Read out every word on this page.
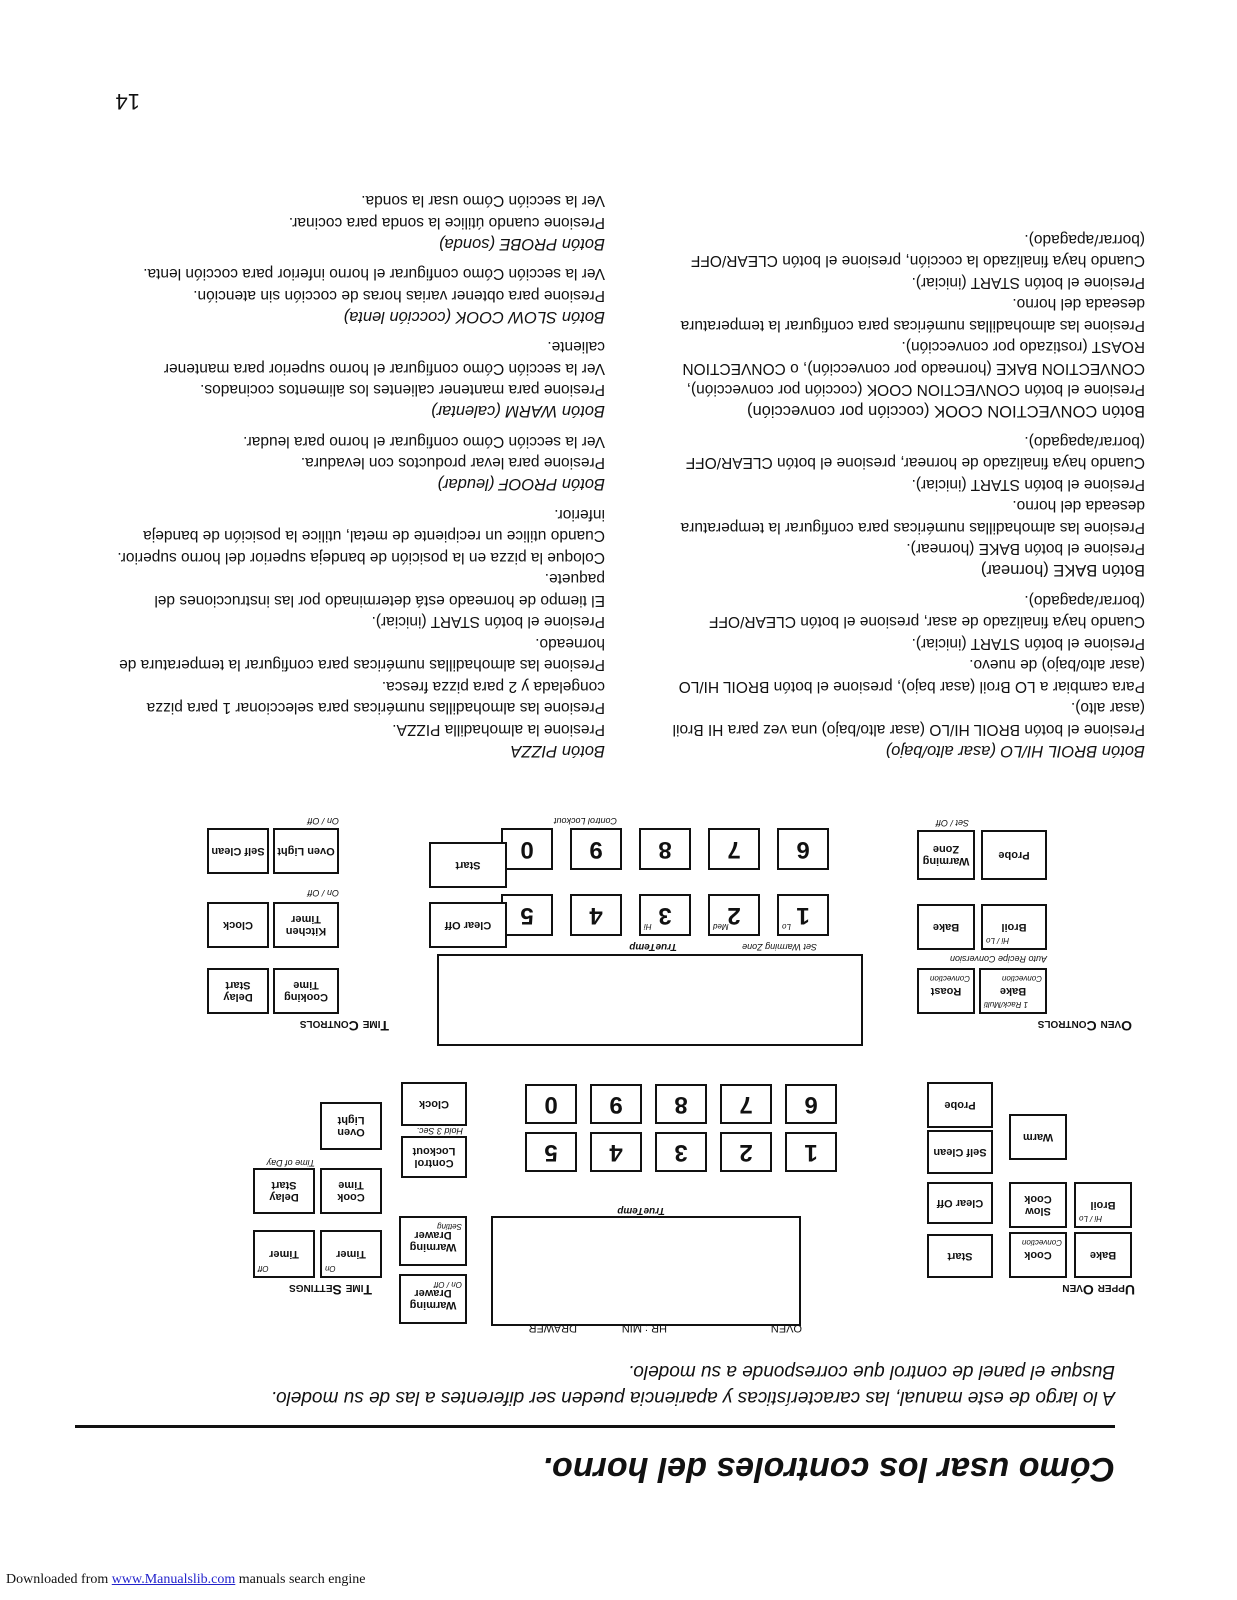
Cómo usar los controles del horno.
A lo largo de este manual, las características y apariencia pueden ser diferentes a las de su modelo.
Busque el panel de control que corresponde a su modelo.
Upper Oven
Time Settings
OVEN
HR : MIN
DRAWER
Bake
Broil
Hi / Lo
Cook
Convection
Slow Cook
Warm
Start
Clear Off
Self Clean
Probe
TrueTemp
1
2
3
4
5
6
7
8
9
0
Warming Drawer
On / Off
Warming Drawer
Setting
Control Lockout
Hold 3 Sec.
Clock
Timer
On
Timer
Off
Cook Time
Delay Start
Time of Day
Oven Light
Oven Controls
Time Controls
Bake
Convection
1 Rack/Multi
Roast
Convection
Auto Recipe Conversion
Bake	Broil
Hi / Lo
Probe
Warming Zone
Set / Off
Set Warming Zone
TrueTemp
1
Lo
2
Med
3
Hi
4
5
6
7
8
9
0
Control Lockout
Start
Clear Off
Cooking Time
Delay Start
Kitchen Timer
Clock
On / Off
Oven Light
Self Clean
On / Off
Botón BROIL HI/LO (asar alto/bajo)

Presione el botón BROIL HI/LO (asar alto/bajo) una vez para HI Broil (asar alto).

Para cambiar a LO Broil (asar bajo), presione el botón BROIL HI/LO (asar alto/bajo) de nuevo.

Presione el botón START (iniciar).

Cuando haya finalizado de asar, presione el botón CLEAR/OFF (borrar/apagado).

Botón BAKE (hornear)

Presione el botón BAKE (hornear).

Presione las almohadillas numéricas para configurar la temperatura deseada del horno.

Presione el botón START (iniciar).

Cuando haya finalizado de hornear, presione el botón CLEAR/OFF (borrar/apagado).

Botón CONVECTION COOK (cocción por convección)

Presione el botón CONVECTION COOK (cocción por convección), CONVECTION BAKE (horneado por convección), o CONVECTION ROAST (rostizado por convección).

Presione las almohadillas numéricas para configurar la temperatura deseada del horno.

Presione el botón START (iniciar).

Cuando haya finalizado la cocción, presione el botón CLEAR/OFF (borrar/apagado).

Botón PIZZA

Presione la almohadilla PIZZA.

Presione las almohadillas numéricas para seleccionar 1 para pizza congelada y 2 para pizza fresca.

Presione las almohadillas numéricas para configurar la temperatura de horneado.

Presione el botón START (iniciar).

El tiempo de horneado está determinado por las instrucciones del paquete.

Coloque la pizza en la posición de bandeja superior del horno superior. Cuando utilice un recipiente de metal, utilice la posición de bandeja inferior.

Botón PROOF (leudar)

Presione para levar productos con levadura.

Ver la sección Cómo configurar el horno para leudar.

Botón WARM (calentar)

Presione para mantener calientes los alimentos cocinados.

Ver la sección Cómo configurar el horno superior para mantener caliente.

Botón SLOW COOK (cocción lenta)

Presione para obtener varias horas de cocción sin atención.

Ver la sección Cómo configurar el horno inferior para cocción lenta.

Botón PROBE (sonda)

Presione cuando útilice la sonda para cocinar.

Ver la sección Cómo usar la sonda.

14
Downloaded from www.Manualslib.com manuals search engine
